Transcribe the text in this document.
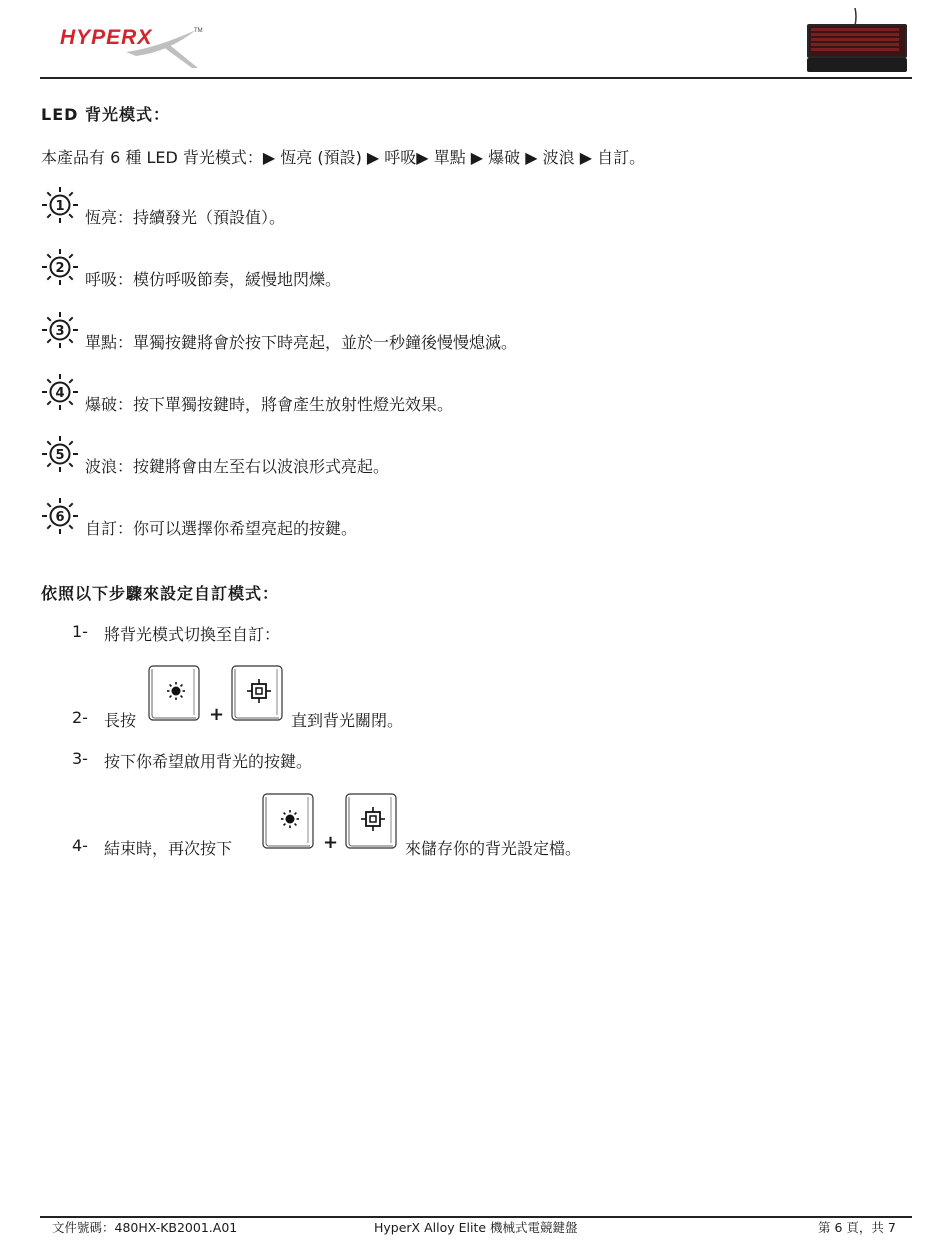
HYPERX	TM
LED 背光模式：
本產品有 6 種 LED 背光模式：▶ 恆亮 (預設) ▶ 呼吸▶ 單點 ▶ 爆破 ▶ 波浪 ▶ 自訂。
1
恆亮：持續發光（預設值）。
2
呼吸：模仿呼吸節奏，緩慢地閃爍。
3
單點：單獨按鍵將會於按下時亮起，並於一秒鐘後慢慢熄滅。
4
爆破：按下單獨按鍵時，將會產生放射性燈光效果。
5
波浪：按鍵將會由左至右以波浪形式亮起。
6
自訂：你可以選擇你希望亮起的按鍵。
依照以下步驟來設定自訂模式：
1- 將背光模式切換至自訂：
2- 長按	+	直到背光關閉。
3- 按下你希望啟用背光的按鍵。
4- 結束時，再次按下	+	來儲存你的背光設定檔。
文件號碼：480HX-KB2001.A01	HyperX Alloy Elite 機械式電競鍵盤	第 6 頁，共 7
